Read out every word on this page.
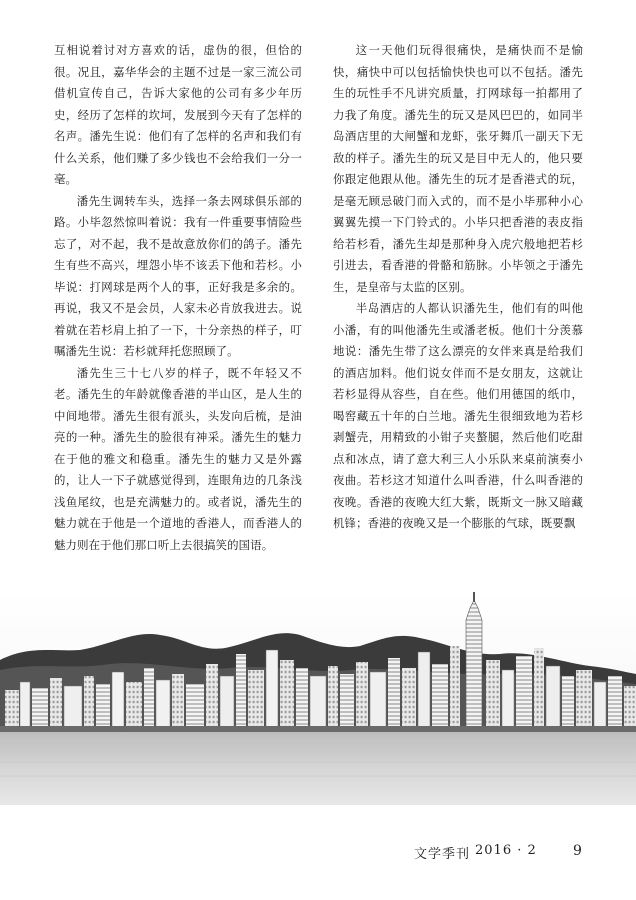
互相说着讨对方喜欢的话，虚伪的很，但恰的很。况且，嘉华华会的主题不过是一家三流公司借机宣传自己，告诉大家他的公司有多少年历史，经历了怎样的坎坷，发展到今天有了怎样的名声。潘先生说：他们有了怎样的名声和我们有什么关系，他们赚了多少钱也不会给我们一分一毫。

潘先生调转车头，选择一条去网球俱乐部的路。小毕忽然惊叫着说：我有一件重要事情险些忘了，对不起，我不是故意放你们的鸽子。潘先生有些不高兴，埋怨小毕不该丢下他和若杉。小毕说：打网球是两个人的事，正好我是多余的。再说，我又不是会员，人家未必肯放我进去。说着就在若杉肩上拍了一下，十分亲热的样子，叮嘱潘先生说：若杉就拜托您照顾了。

潘先生三十七八岁的样子，既不年轻又不老。潘先生的年龄就像香港的半山区，是人生的中间地带。潘先生很有派头，头发向后梳，是油亮的一种。潘先生的脸很有神采。潘先生的魅力在于他的雅文和稳重。潘先生的魅力又是外露的，让人一下子就感觉得到，连眼角边的几条浅浅鱼尾纹，也是充满魅力的。或者说，潘先生的魅力就在于他是一个道地的香港人，而香港人的魅力则在于他们那口听上去很搞笑的国语。

这一天他们玩得很痛快，是痛快而不是愉快，痛快中可以包括愉快快也可以不包括。潘先生的玩性手不凡讲究质量，打网球每一拍都用了力我了角度。潘先生的玩又是风巴巴的，如同半岛酒店里的大闸蟹和龙虾，张牙舞爪一副天下无敌的样子。潘先生的玩又是目中无人的，他只要你跟定他跟从他。潘先生的玩才是香港式的玩，是毫无顾忌破门而入式的，而不是小毕那种小心翼翼先摸一下门铃式的。小毕只把香港的表皮指给若杉看，潘先生却是那种身入虎穴般地把若杉引进去，看香港的骨骼和筋脉。小毕领之于潘先生，是皇帝与太监的区别。

半岛酒店的人都认识潘先生，他们有的叫他小潘，有的叫他潘先生或潘老板。他们十分羡慕地说：潘先生带了这么漂亮的女伴来真是给我们的酒店加料。他们说女伴而不是女朋友，这就让若杉显得从容些，自在些。他们用德国的纸巾，喝窖藏五十年的白兰地。潘先生很细致地为若杉剥蟹壳，用精致的小钳子夹螯腿，然后他们吃甜点和冰点，请了意大利三人小乐队来桌前演奏小夜曲。若杉这才知道什么叫香港，什么叫香港的夜晚。香港的夜晚大红大紫，既斯文一脉又暗藏机锋；香港的夜晚又是一个膨胀的气球，既要飘

文学季刊 2016 · 2	9
